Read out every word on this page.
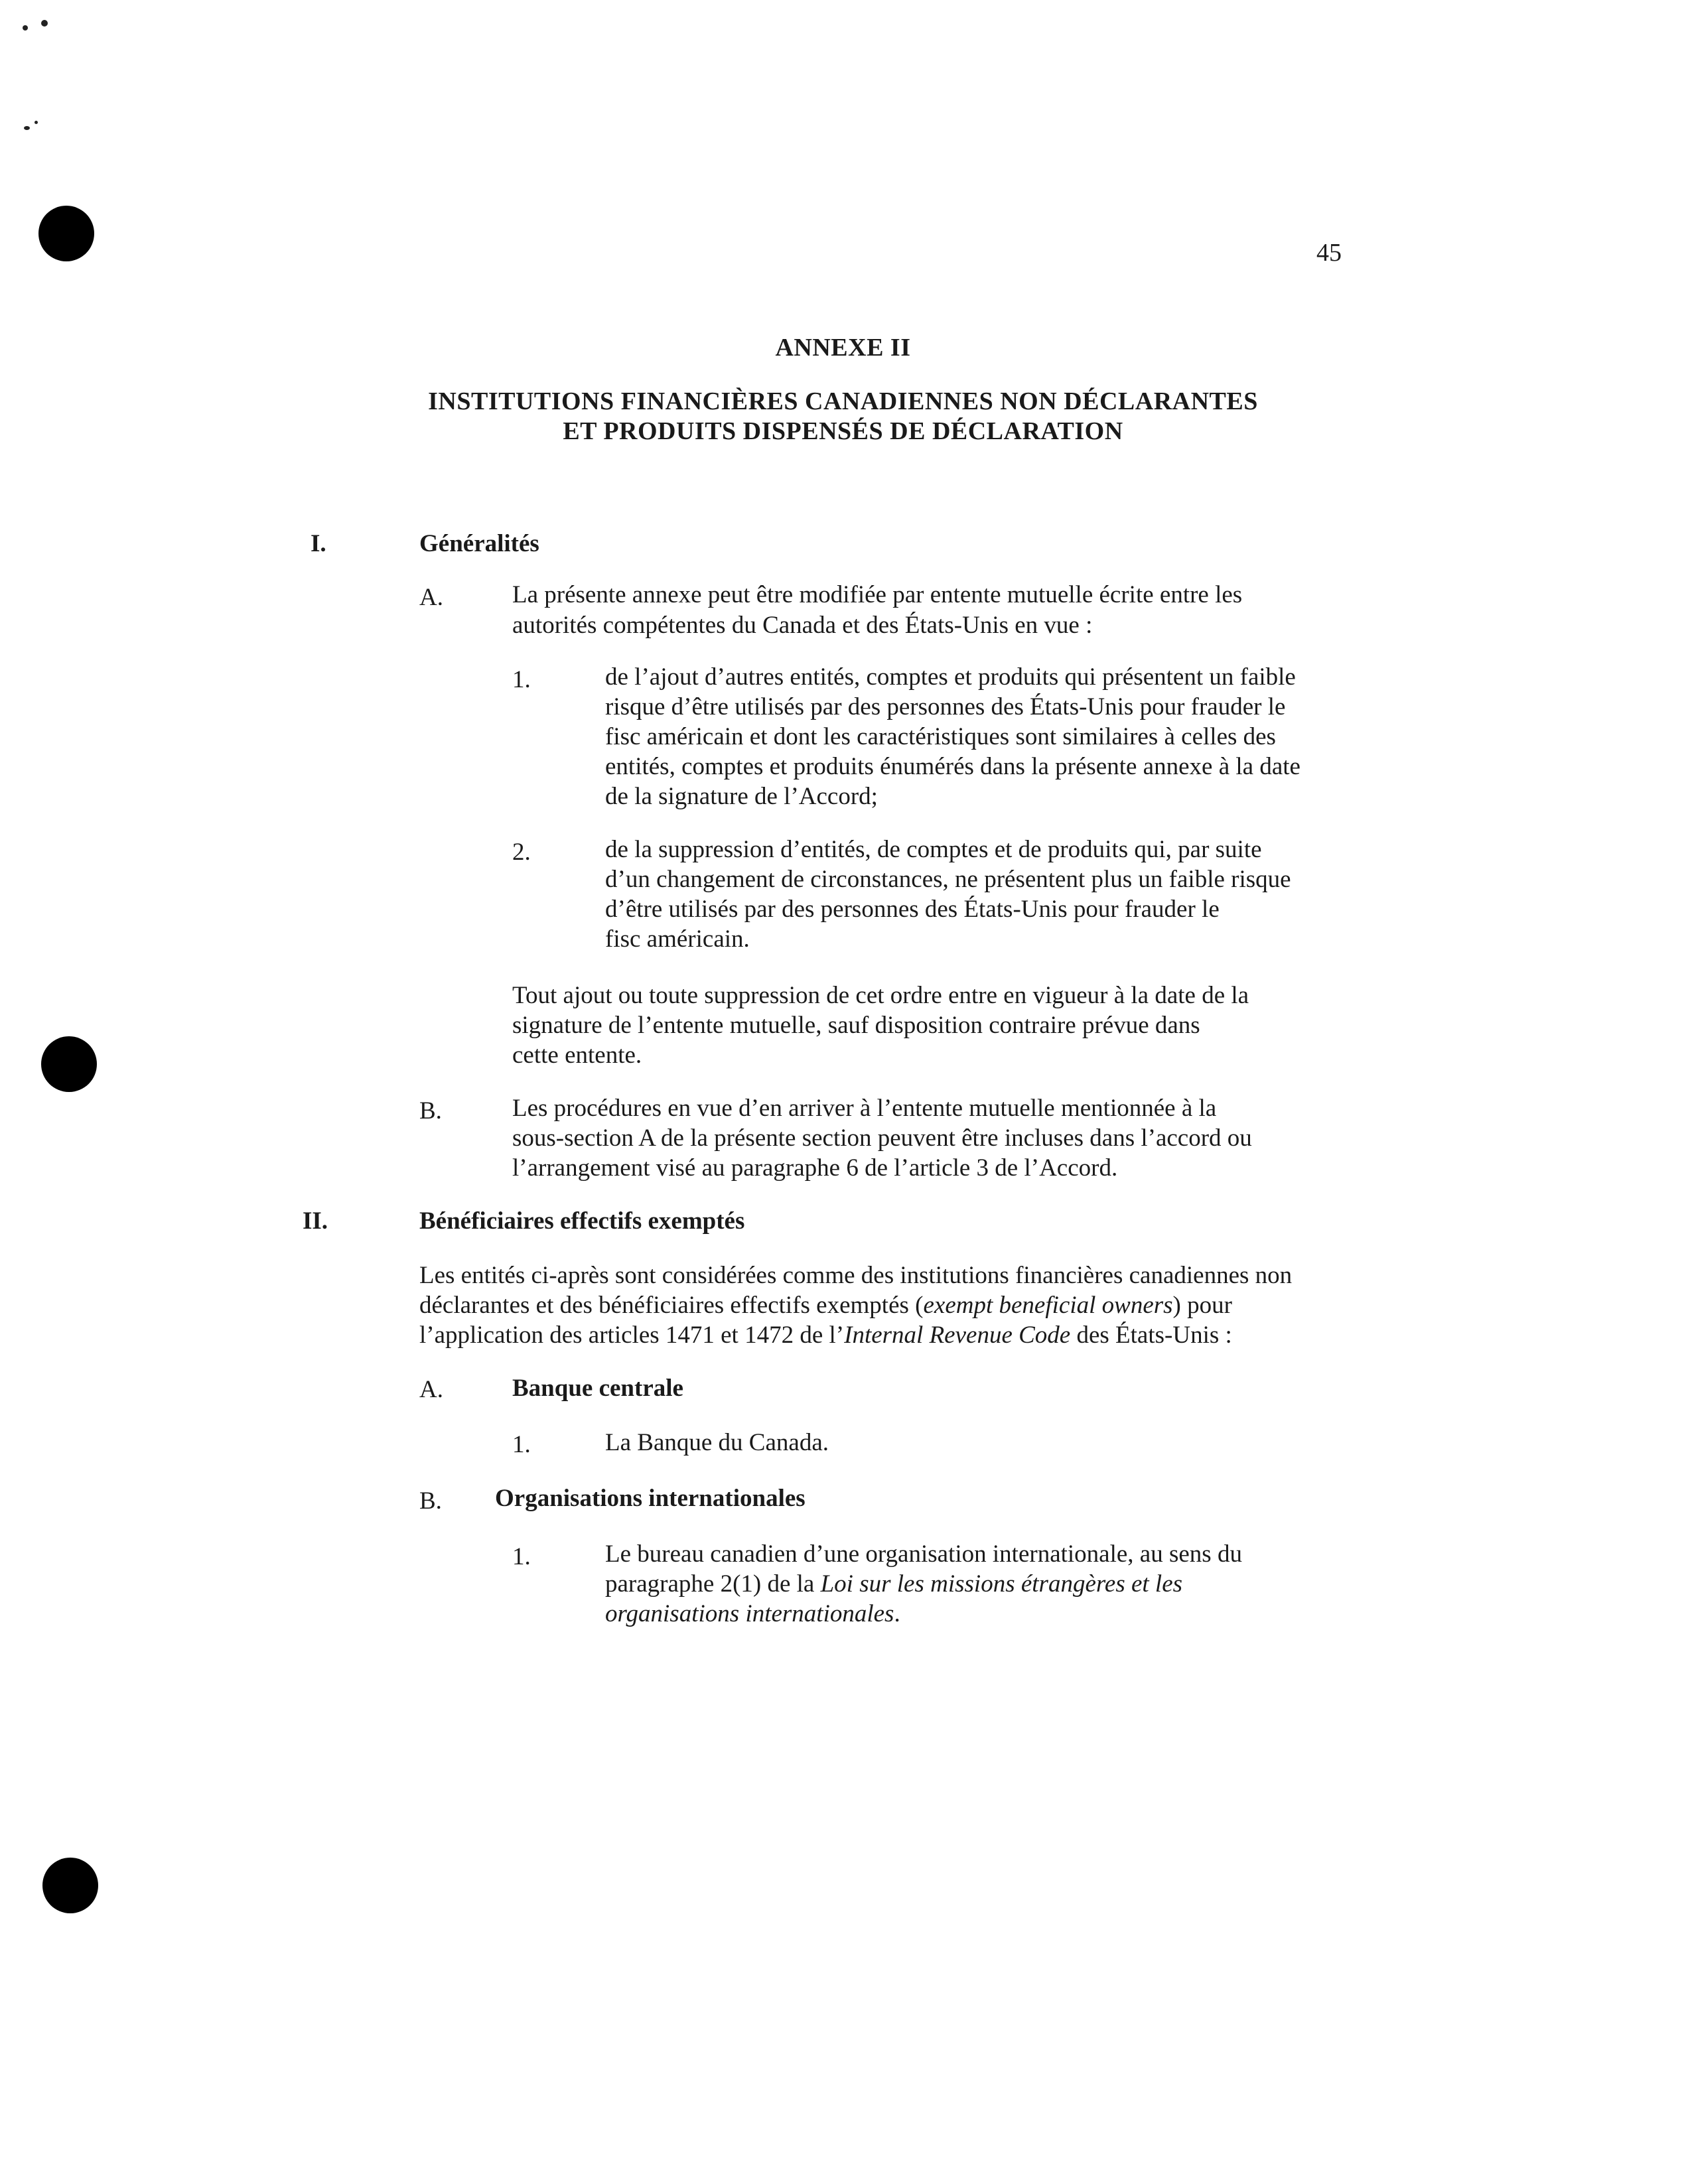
45
ANNEXE II
INSTITUTIONS FINANCIÈRES CANADIENNES NON DÉCLARANTES
ET PRODUITS DISPENSÉS DE DÉCLARATION
I.	Généralités
A.	La présente annexe peut être modifiée par entente mutuelle écrite entre les
autorités compétentes du Canada et des États-Unis en vue :
1.	de l’ajout d’autres entités, comptes et produits qui présentent un faible
risque d’être utilisés par des personnes des États-Unis pour frauder le
fisc américain et dont les caractéristiques sont similaires à celles des
entités, comptes et produits énumérés dans la présente annexe à la date
de la signature de l’Accord;
2.	de la suppression d’entités, de comptes et de produits qui, par suite
d’un changement de circonstances, ne présentent plus un faible risque
d’être utilisés par des personnes des États-Unis pour frauder le
fisc américain.
Tout ajout ou toute suppression de cet ordre entre en vigueur à la date de la
signature de l’entente mutuelle, sauf disposition contraire prévue dans
cette entente.
B.	Les procédures en vue d’en arriver à l’entente mutuelle mentionnée à la
sous-section A de la présente section peuvent être incluses dans l’accord ou
l’arrangement visé au paragraphe 6 de l’article 3 de l’Accord.
II.	Bénéficiaires effectifs exemptés
Les entités ci-après sont considérées comme des institutions financières canadiennes non
déclarantes et des bénéficiaires effectifs exemptés (exempt beneficial owners) pour
l’application des articles 1471 et 1472 de l’Internal Revenue Code des États-Unis :
A.	Banque centrale
1.	La Banque du Canada.
B. Organisations internationales
1.	Le bureau canadien d’une organisation internationale, au sens du
paragraphe 2(1) de la Loi sur les missions étrangères et les
organisations internationales.
